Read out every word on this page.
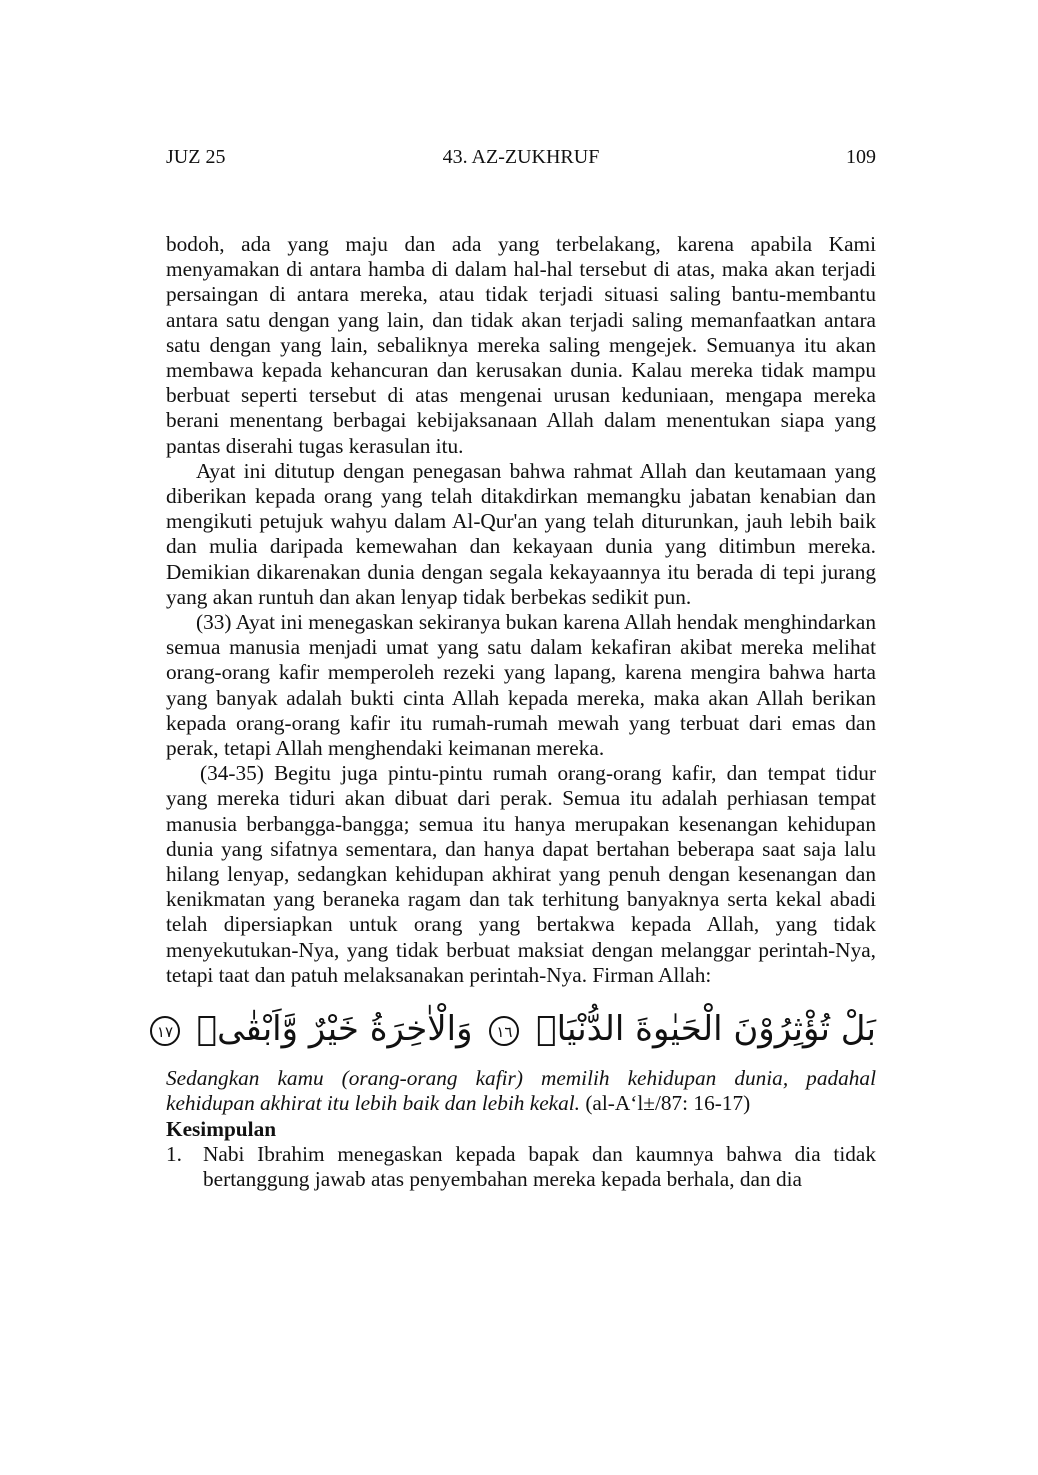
JUZ 25	43. AZ-ZUKHRUF	109

bodoh, ada yang maju dan ada yang terbelakang, karena apabila Kami menyamakan di antara hamba di dalam hal-hal tersebut di atas, maka akan terjadi persaingan di antara mereka, atau tidak terjadi situasi saling bantu-membantu antara satu dengan yang lain, dan tidak akan terjadi saling memanfaatkan antara satu dengan yang lain, sebaliknya mereka saling mengejek. Semuanya itu akan membawa kepada kehancuran dan kerusakan dunia. Kalau mereka tidak mampu berbuat seperti tersebut di atas mengenai urusan keduniaan, mengapa mereka berani menentang berbagai kebijaksanaan Allah dalam menentukan siapa yang pantas diserahi tugas kerasulan itu.

Ayat ini ditutup dengan penegasan bahwa rahmat Allah dan keutamaan yang diberikan kepada orang yang telah ditakdirkan memangku jabatan kenabian dan mengikuti petujuk wahyu dalam Al-Qur'an yang telah diturunkan, jauh lebih baik dan mulia daripada kemewahan dan kekayaan dunia yang ditimbun mereka. Demikian dikarenakan dunia dengan segala kekayaannya itu berada di tepi jurang yang akan runtuh dan akan lenyap tidak berbekas sedikit pun.

(33) Ayat ini menegaskan sekiranya bukan karena Allah hendak menghindarkan semua manusia menjadi umat yang satu dalam kekafiran akibat mereka melihat orang-orang kafir memperoleh rezeki yang lapang, karena mengira bahwa harta yang banyak adalah bukti cinta Allah kepada mereka, maka akan Allah berikan kepada orang-orang kafir itu rumah-rumah mewah yang terbuat dari emas dan perak, tetapi Allah menghendaki keimanan mereka.

(34-35) Begitu juga pintu-pintu rumah orang-orang kafir, dan tempat tidur yang mereka tiduri akan dibuat dari perak. Semua itu adalah perhiasan tempat manusia berbangga-bangga; semua itu hanya merupakan kesenangan kehidupan dunia yang sifatnya sementara, dan hanya dapat bertahan beberapa saat saja lalu hilang lenyap, sedangkan kehidupan akhirat yang penuh dengan kesenangan dan kenikmatan yang beraneka ragam dan tak terhitung banyaknya serta kekal abadi telah dipersiapkan untuk orang yang bertakwa kepada Allah, yang tidak menyekutukan-Nya, yang tidak berbuat maksiat dengan melanggar perintah-Nya, tetapi taat dan patuh melaksanakan perintah-Nya. Firman Allah:

بَلْ تُؤْثِرُوْنَ الْحَيٰوةَ الدُّنْيَاۖ ١٦ وَالْاٰخِرَةُ خَيْرٌ وَّاَبْقٰىۗ ١٧

Sedangkan kamu (orang-orang kafir) memilih kehidupan dunia, padahal kehidupan akhirat itu lebih baik dan lebih kekal. (al-A‘l±/87: 16-17)

Kesimpulan

1. Nabi Ibrahim menegaskan kepada bapak dan kaumnya bahwa dia tidak bertanggung jawab atas penyembahan mereka kepada berhala, dan dia
